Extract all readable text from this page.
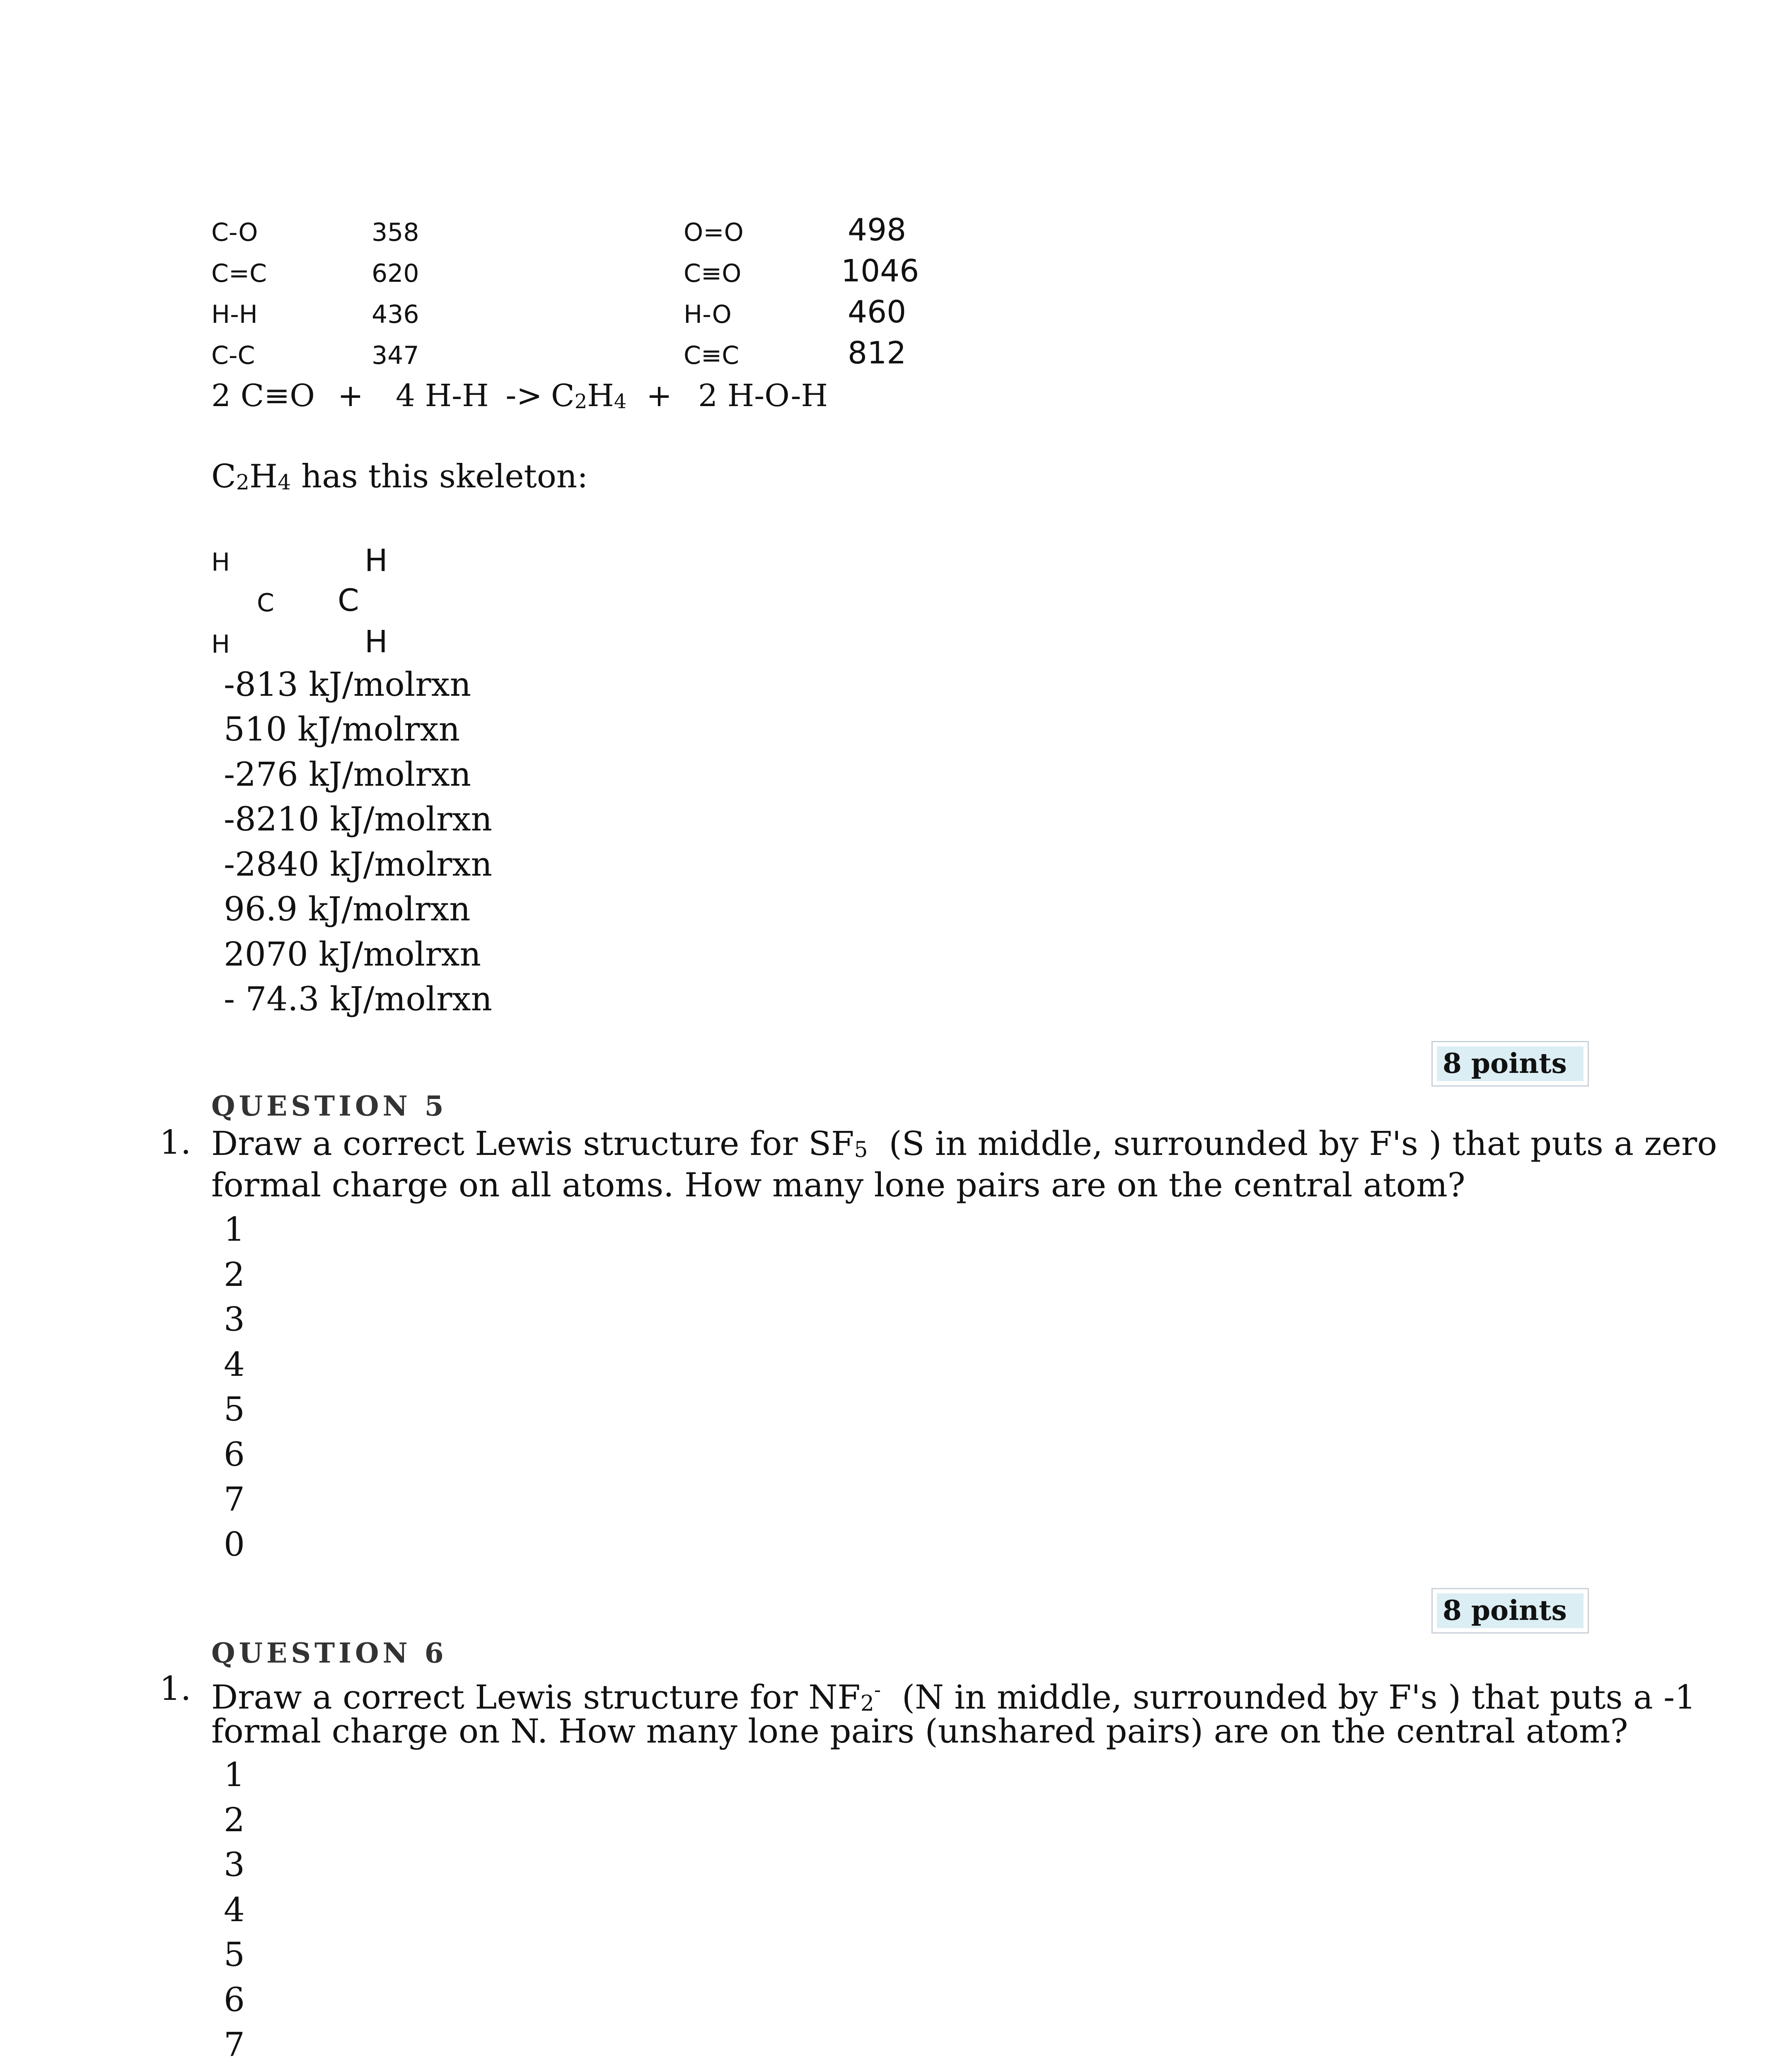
C-O	358	O=O	498
C=C	620	C≡O	1046
H-H	436	H-O	460
C-C	347	C≡C	812
2 C≡O + 4 H-H -> C2H4 + 2 H-O-H
C2H4 has this skeleton:
H	H
C C
H	H
-813 kJ/molrxn
510 kJ/molrxn
-276 kJ/molrxn
-8210 kJ/molrxn
-2840 kJ/molrxn
96.9 kJ/molrxn
2070 kJ/molrxn
- 74.3 kJ/molrxn
8 points
QUESTION 5
1. Draw a correct Lewis structure for SF5  (S in middle, surrounded by F's ) that puts a zero
formal charge on all atoms. How many lone pairs are on the central atom?
1
2
3
4
5
6
7
0
8 points
QUESTION 6
1. Draw a correct Lewis structure for NF2-  (N in middle, surrounded by F's ) that puts a -1
formal charge on N. How many lone pairs (unshared pairs) are on the central atom?
1
2
3
4
5
6
7
